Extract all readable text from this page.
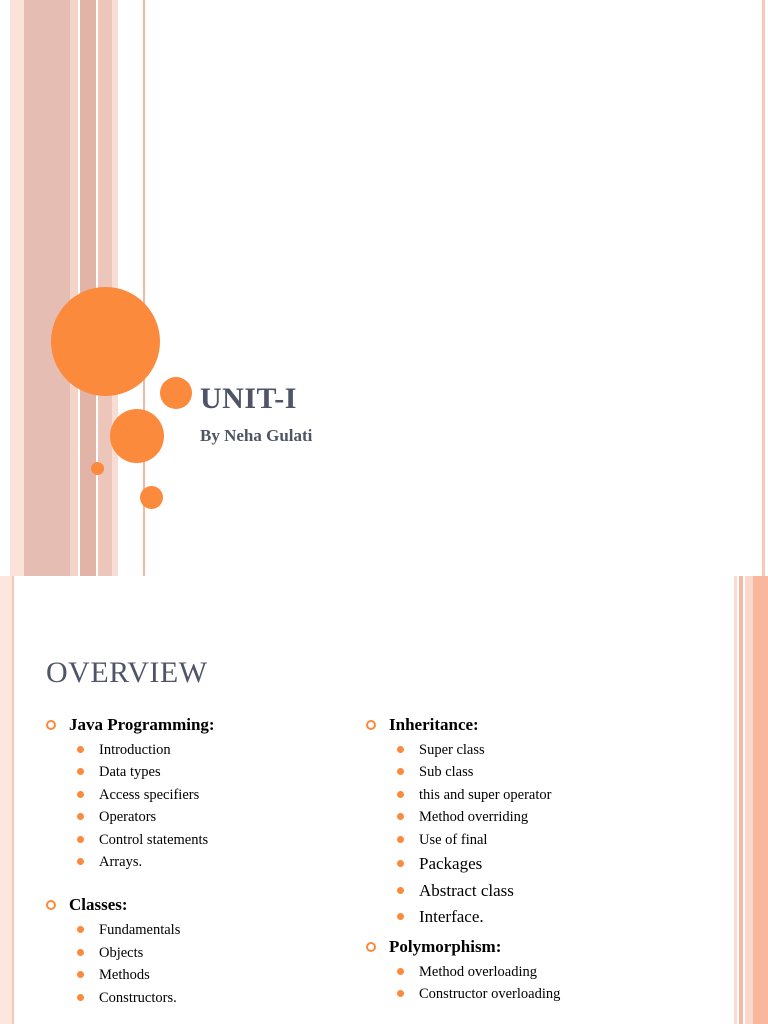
UNIT-I
By Neha Gulati
OVERVIEW
Java Programming:
Introduction
Data types
Access specifiers
Operators
Control statements
Arrays.
Classes:
Fundamentals
Objects
Methods
Constructors.
Inheritance:
Super class
Sub class
this and super operator
Method overriding
Use of final
Packages
Abstract class
Interface.
Polymorphism:
Method overloading
Constructor overloading
